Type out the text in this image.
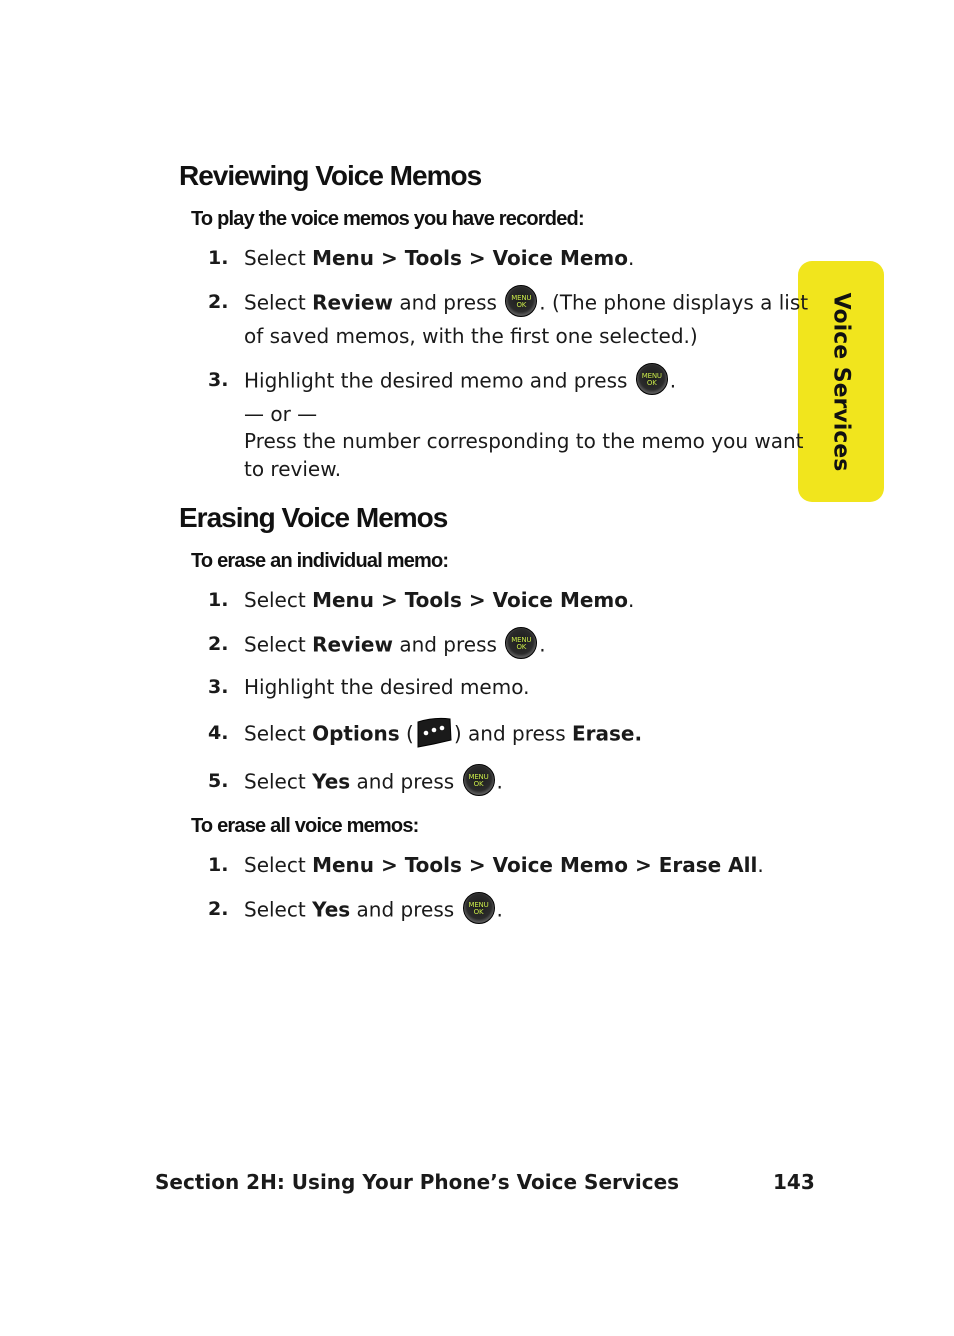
Voice Services
Reviewing Voice Memos
To play the voice memos you have recorded:
1. Select Menu > Tools > Voice Memo.
2. Select Review and press	MENU
OK . (The phone displays a list
of saved memos, with the first one selected.)
3. Highlight the desired memo and press	MENU
OK .
— or —
Press the number corresponding to the memo you want
to review.
Erasing Voice Memos
To erase an individual memo:
1. Select Menu > Tools > Voice Memo.
2. Select Review and press	MENU
OK .
3. Highlight the desired memo.
4. Select Options ( ) and press Erase.
5. Select Yes and press	MENU
OK .
To erase all voice memos:
1. Select Menu > Tools > Voice Memo > Erase All.
2. Select Yes and press	MENU
OK .
Section 2H: Using Your Phone’s Voice Services	143
